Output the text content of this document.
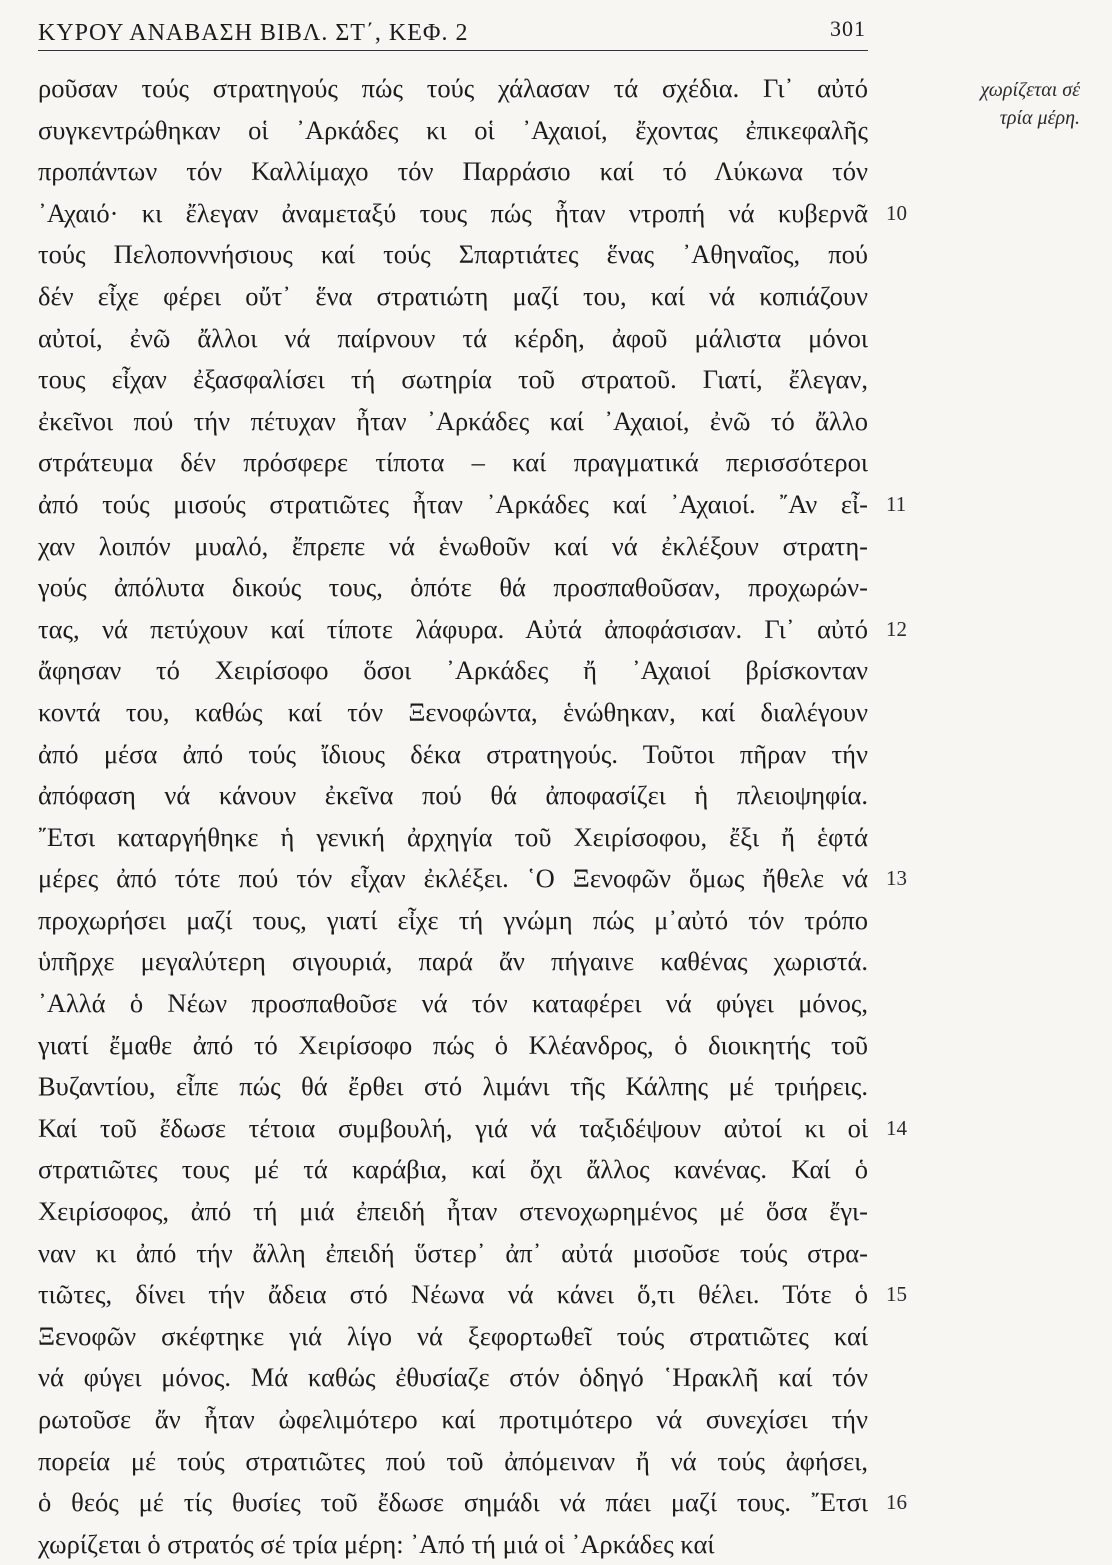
ΚΥΡΟΥ ΑΝΑΒΑΣΗ ΒΙΒΛ. ΣΤ΄, ΚΕΦ. 2	301
ροῦσαν τούς στρατηγούς πώς τούς χάλασαν τά σχέδια. Γι᾽ αὐτό
συγκεντρώθηκαν οἱ ᾽Αρκάδες κι οἱ ᾽Αχαιοί, ἔχοντας ἐπικεφαλῆς
προπάντων τόν Καλλίμαχο τόν Παρράσιο καί τό Λύκωνα τόν
᾽Αχαιό· κι ἔλεγαν ἀναμεταξύ τους πώς ἦταν ντροπή νά κυβερνᾶ
τούς Πελοποννήσιους καί τούς Σπαρτιάτες ἕνας ᾽Αθηναῖος, πού
δέν εἶχε φέρει οὔτ᾽ ἕνα στρατιώτη μαζί του, καί νά κοπιάζουν
αὐτοί, ἐνῶ ἄλλοι νά παίρνουν τά κέρδη, ἀφοῦ μάλιστα μόνοι
τους εἶχαν ἐξασφαλίσει τή σωτηρία τοῦ στρατοῦ. Γιατί, ἔλεγαν,
ἐκεῖνοι πού τήν πέτυχαν ἦταν ᾽Αρκάδες καί ᾽Αχαιοί, ἐνῶ τό ἄλλο
στράτευμα δέν πρόσφερε τίποτα – καί πραγματικά περισσότεροι
ἀπό τούς μισούς στρατιῶτες ἦταν ᾽Αρκάδες καί ᾽Αχαιοί. ῎Αν εἶ-
χαν λοιπόν μυαλό, ἔπρεπε νά ἑνωθοῦν καί νά ἐκλέξουν στρατη-
γούς ἀπόλυτα δικούς τους, ὁπότε θά προσπαθοῦσαν, προχωρών-
τας, νά πετύχουν καί τίποτε λάφυρα. Αὐτά ἀποφάσισαν. Γι᾽ αὐτό
ἄφησαν τό Χειρίσοφο ὅσοι ᾽Αρκάδες ἤ ᾽Αχαιοί βρίσκονταν
κοντά του, καθώς καί τόν Ξενοφώντα, ἑνώθηκαν, καί διαλέγουν
ἀπό μέσα ἀπό τούς ἴδιους δέκα στρατηγούς. Τοῦτοι πῆραν τήν
ἀπόφαση νά κάνουν ἐκεῖνα πού θά ἀποφασίζει ἡ πλειοψηφία.
῎Ετσι καταργήθηκε ἡ γενική ἀρχηγία τοῦ Χειρίσοφου, ἔξι ἤ ἑφτά
μέρες ἀπό τότε πού τόν εἶχαν ἐκλέξει. ῾Ο Ξενοφῶν ὅμως ἤθελε νά
προχωρήσει μαζί τους, γιατί εἶχε τή γνώμη πώς μ᾽αὐτό τόν τρόπο
ὑπῆρχε μεγαλύτερη σιγουριά, παρά ἄν πήγαινε καθένας χωριστά.
᾽Αλλά ὁ Νέων προσπαθοῦσε νά τόν καταφέρει νά φύγει μόνος,
γιατί ἔμαθε ἀπό τό Χειρίσοφο πώς ὁ Κλέανδρος, ὁ διοικητής τοῦ
Βυζαντίου, εἶπε πώς θά ἔρθει στό λιμάνι τῆς Κάλπης μέ τριήρεις.
Καί τοῦ ἔδωσε τέτοια συμβουλή, γιά νά ταξιδέψουν αὐτοί κι οἱ
στρατιῶτες τους μέ τά καράβια, καί ὄχι ἄλλος κανένας. Καί ὁ
Χειρίσοφος, ἀπό τή μιά ἐπειδή ἦταν στενοχωρημένος μέ ὅσα ἔγι-
ναν κι ἀπό τήν ἄλλη ἐπειδή ὕστερ᾽ ἀπ᾽ αὐτά μισοῦσε τούς στρα-
τιῶτες, δίνει τήν ἄδεια στό Νέωνα νά κάνει ὅ,τι θέλει. Τότε ὁ
Ξενοφῶν σκέφτηκε γιά λίγο νά ξεφορτωθεῖ τούς στρατιῶτες καί
νά φύγει μόνος. Μά καθώς ἐθυσίαζε στόν ὁδηγό ῾Ηρακλῆ καί τόν
ρωτοῦσε ἄν ἦταν ὠφελιμότερο καί προτιμότερο νά συνεχίσει τήν
πορεία μέ τούς στρατιῶτες πού τοῦ ἀπόμειναν ἤ νά τούς ἀφήσει,
ὁ θεός μέ τίς θυσίες τοῦ ἔδωσε σημάδι νά πάει μαζί τους. ῎Ετσι
χωρίζεται ὁ στρατός σέ τρία μέρη: ᾽Από τή μιά οἱ ᾽Αρκάδες καί
10
11
12
13
14
15
16
χωρίζεται σέ
τρία μέρη.
